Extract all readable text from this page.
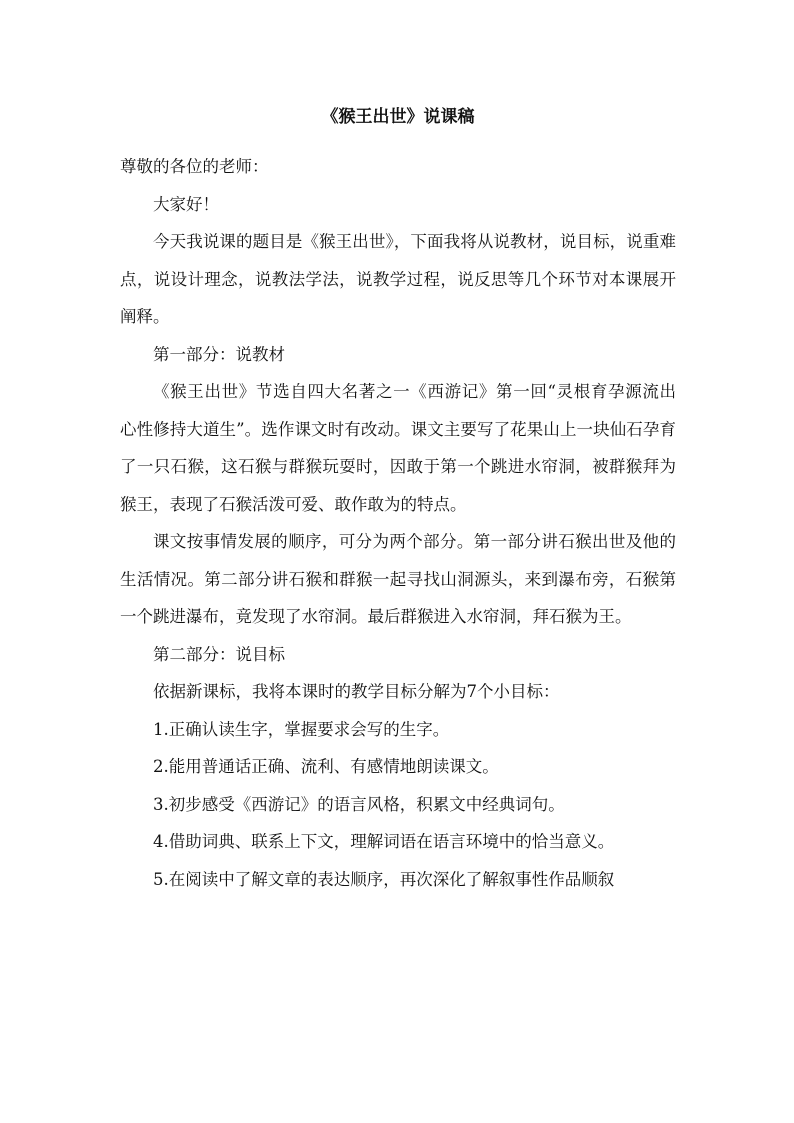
《猴王出世》说课稿

尊敬的各位的老师：

大家好！

今天我说课的题目是《猴王出世》，下面我将从说教材，说目标，说重难点，说设计理念，说教法学法，说教学过程，说反思等几个环节对本课展开阐释。

第一部分：说教材

《猴王出世》节选自四大名著之一《西游记》第一回“灵根育孕源流出 心性修持大道生”。选作课文时有改动。课文主要写了花果山上一块仙石孕育了一只石猴，这石猴与群猴玩耍时，因敢于第一个跳进水帘洞，被群猴拜为猴王，表现了石猴活泼可爱、敢作敢为的特点。

课文按事情发展的顺序，可分为两个部分。第一部分讲石猴出世及他的生活情况。第二部分讲石猴和群猴一起寻找山洞源头，来到瀑布旁，石猴第一个跳进瀑布，竟发现了水帘洞。最后群猴进入水帘洞，拜石猴为王。

第二部分：说目标

依据新课标，我将本课时的教学目标分解为7个小目标：

1.正确认读生字，掌握要求会写的生字。

2.能用普通话正确、流利、有感情地朗读课文。

3.初步感受《西游记》的语言风格，积累文中经典词句。

4.借助词典、联系上下文，理解词语在语言环境中的恰当意义。

5.在阅读中了解文章的表达顺序，再次深化了解叙事性作品顺叙
